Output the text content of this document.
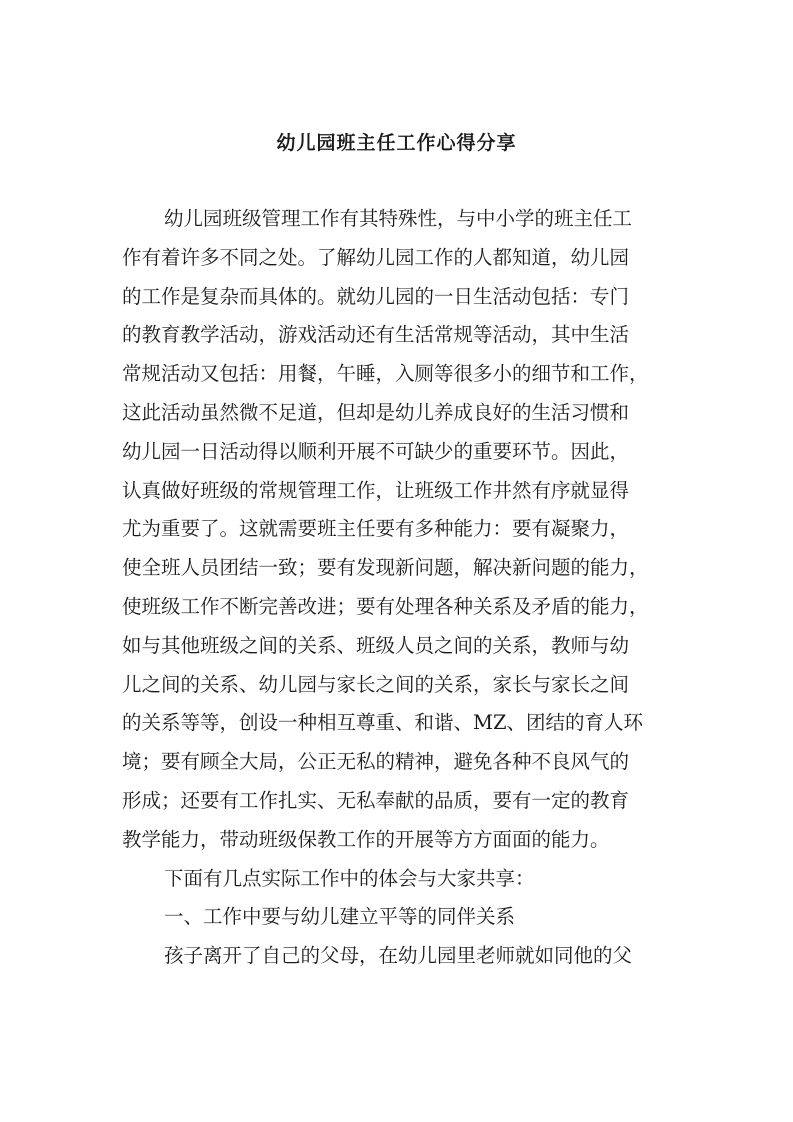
幼儿园班主任工作心得分享

幼儿园班级管理工作有其特殊性，与中小学的班主任工

作有着许多不同之处。了解幼儿园工作的人都知道，幼儿园

的工作是复杂而具体的。就幼儿园的一日生活动包括：专门

的教育教学活动，游戏活动还有生活常规等活动，其中生活

常规活动又包括：用餐，午睡，入厕等很多小的细节和工作，

这此活动虽然微不足道，但却是幼儿养成良好的生活习惯和

幼儿园一日活动得以顺利开展不可缺少的重要环节。因此，

认真做好班级的常规管理工作，让班级工作井然有序就显得

尤为重要了。这就需要班主任要有多种能力：要有凝聚力，

使全班人员团结一致；要有发现新问题，解决新问题的能力，

使班级工作不断完善改进；要有处理各种关系及矛盾的能力，

如与其他班级之间的关系、班级人员之间的关系，教师与幼

儿之间的关系、幼儿园与家长之间的关系，家长与家长之间

的关系等等，创设一种相互尊重、和谐、MZ、团结的育人环

境；要有顾全大局，公正无私的精神，避免各种不良风气的

形成；还要有工作扎实、无私奉献的品质，要有一定的教育

教学能力，带动班级保教工作的开展等方方面面的能力。

下面有几点实际工作中的体会与大家共享：

一、工作中要与幼儿建立平等的同伴关系

孩子离开了自己的父母，在幼儿园里老师就如同他的父
